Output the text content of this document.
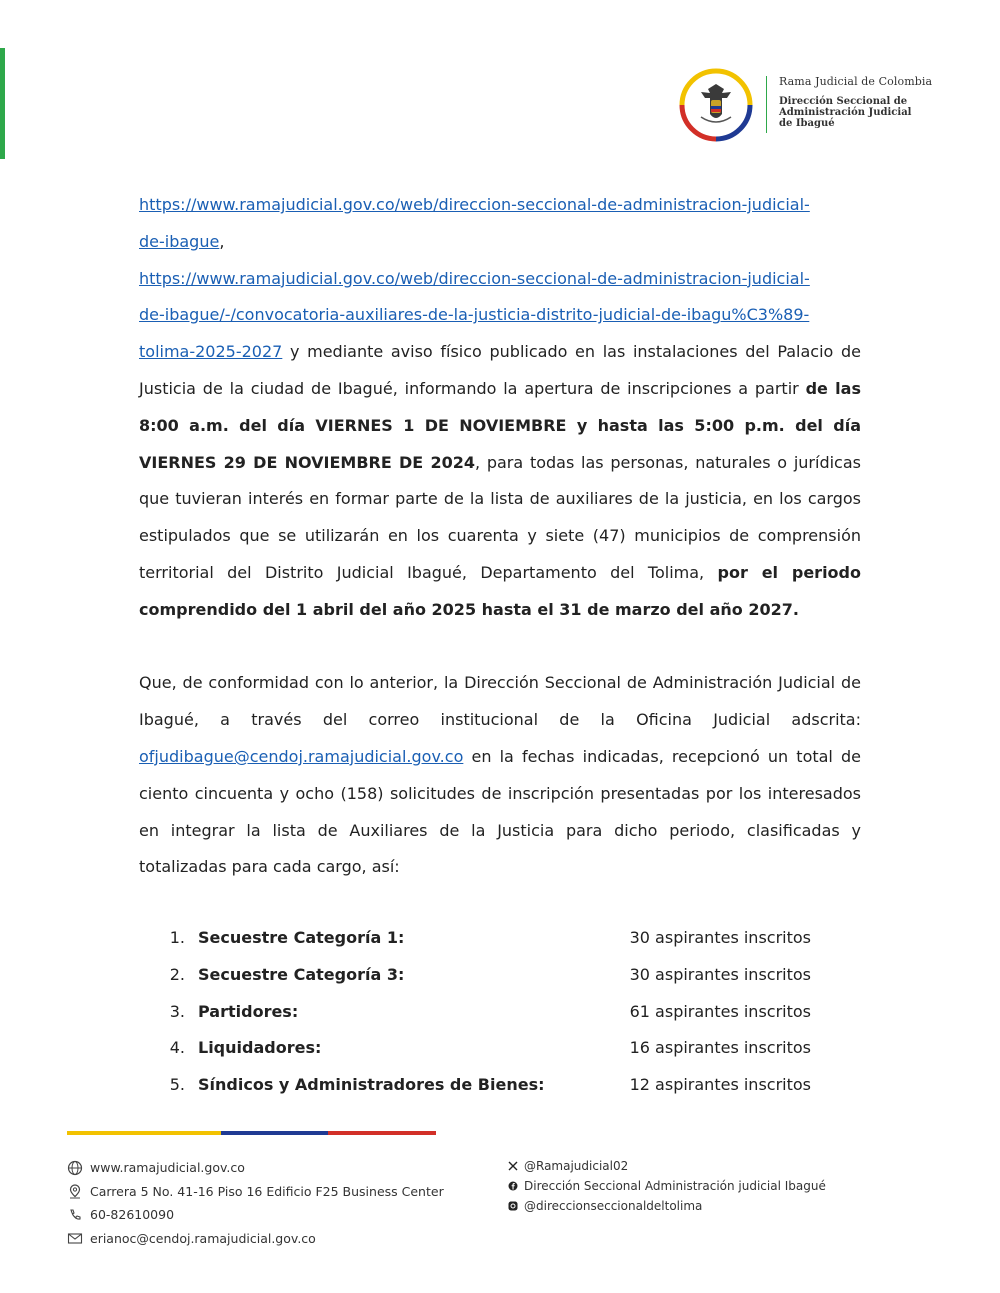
Rama Judicial de Colombia
Dirección Seccional de
Administración Judicial
de Ibagué
https://www.ramajudicial.gov.co/web/direccion-seccional-de-administracion-judicial-
de-ibague,
https://www.ramajudicial.gov.co/web/direccion-seccional-de-administracion-judicial-
de-ibague/-/convocatoria-auxiliares-de-la-justicia-distrito-judicial-de-ibagu%C3%89-

tolima-2025-2027 y mediante aviso físico publicado en las instalaciones del Palacio de Justicia de la ciudad de Ibagué, informando la apertura de inscripciones a partir de las 8:00 a.m. del día VIERNES 1 DE NOVIEMBRE y hasta las 5:00 p.m. del día VIERNES 29 DE NOVIEMBRE DE 2024, para todas las personas, naturales o jurídicas que tuvieran interés en formar parte de la lista de auxiliares de la justicia, en los cargos estipulados que se utilizarán en los cuarenta y siete (47) municipios de comprensión territorial del Distrito Judicial Ibagué, Departamento del Tolima, por el periodo comprendido del 1 abril del año 2025 hasta el 31 de marzo del año 2027.

Que, de conformidad con lo anterior, la Dirección Seccional de Administración Judicial de Ibagué, a través del correo institucional de la Oficina Judicial adscrita: ofjudibague@cendoj.ramajudicial.gov.co en la fechas indicadas, recepcionó un total de ciento cincuenta y ocho (158) solicitudes de inscripción presentadas por los interesados en integrar la lista de Auxiliares de la Justicia para dicho periodo, clasificadas y totalizadas para cada cargo, así:

1. Secuestre Categoría 1:	30 aspirantes inscritos
2. Secuestre Categoría 3:	30 aspirantes inscritos
3. Partidores:	61 aspirantes inscritos
4. Liquidadores:	16 aspirantes inscritos
5. Síndicos y Administradores de Bienes:	12 aspirantes inscritos
www.ramajudicial.gov.co
Carrera 5 No. 41-16 Piso 16 Edificio F25 Business Center
60-82610090
erianoc@cendoj.ramajudicial.gov.co
@Ramajudicial02
Dirección Seccional Administración judicial Ibagué
@direccionseccionaldeltolima
